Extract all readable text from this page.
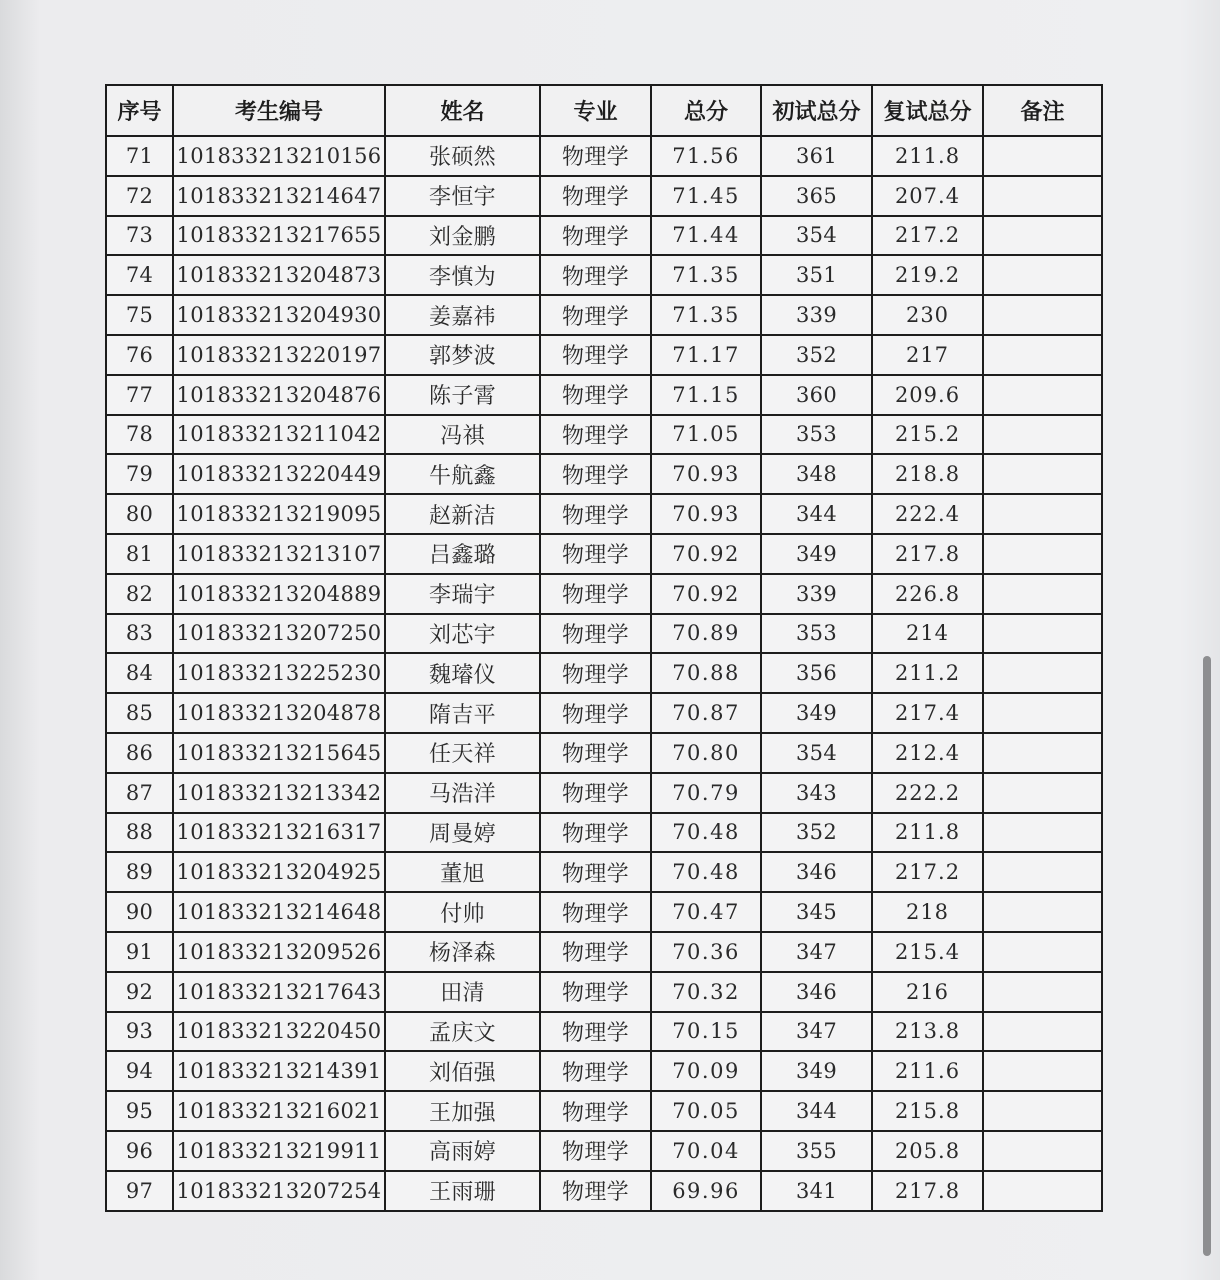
序号	考生编号	姓名	专业	总分	初试总分	复试总分	备注
71	101833213210156	张硕然	物理学	71.56	361	211.8	
72	101833213214647	李恒宇	物理学	71.45	365	207.4	
73	101833213217655	刘金鹏	物理学	71.44	354	217.2	
74	101833213204873	李慎为	物理学	71.35	351	219.2	
75	101833213204930	姜嘉祎	物理学	71.35	339	230	
76	101833213220197	郭梦波	物理学	71.17	352	217	
77	101833213204876	陈子霄	物理学	71.15	360	209.6	
78	101833213211042	冯祺	物理学	71.05	353	215.2	
79	101833213220449	牛航鑫	物理学	70.93	348	218.8	
80	101833213219095	赵新洁	物理学	70.93	344	222.4	
81	101833213213107	吕鑫璐	物理学	70.92	349	217.8	
82	101833213204889	李瑞宇	物理学	70.92	339	226.8	
83	101833213207250	刘芯宇	物理学	70.89	353	214	
84	101833213225230	魏璿仪	物理学	70.88	356	211.2	
85	101833213204878	隋吉平	物理学	70.87	349	217.4	
86	101833213215645	任天祥	物理学	70.80	354	212.4	
87	101833213213342	马浩洋	物理学	70.79	343	222.2	
88	101833213216317	周曼婷	物理学	70.48	352	211.8	
89	101833213204925	董旭	物理学	70.48	346	217.2	
90	101833213214648	付帅	物理学	70.47	345	218	
91	101833213209526	杨泽森	物理学	70.36	347	215.4	
92	101833213217643	田清	物理学	70.32	346	216	
93	101833213220450	孟庆文	物理学	70.15	347	213.8	
94	101833213214391	刘佰强	物理学	70.09	349	211.6	
95	101833213216021	王加强	物理学	70.05	344	215.8	
96	101833213219911	高雨婷	物理学	70.04	355	205.8	
97	101833213207254	王雨珊	物理学	69.96	341	217.8	
